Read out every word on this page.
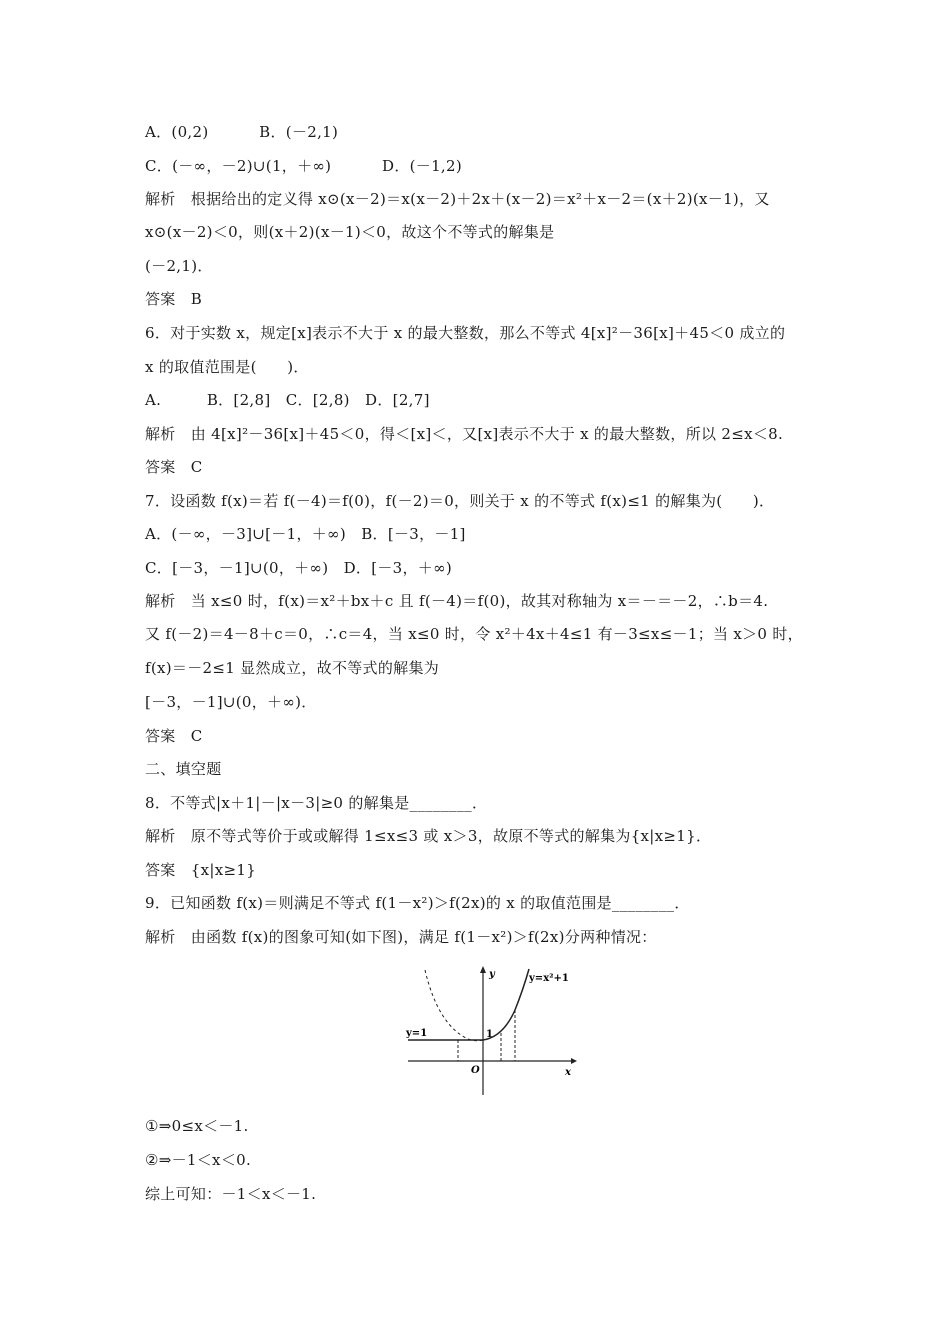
A．(0,2)          B．(－2,1)
C．(－∞，－2)∪(1，＋∞)          D．(－1,2)
解析   根据给出的定义得 x⊙(x－2)＝x(x－2)＋2x＋(x－2)＝x²＋x－2＝(x＋2)(x－1)，又
x⊙(x－2)＜0，则(x＋2)(x－1)＜0，故这个不等式的解集是
(－2,1)．
答案   B
6．对于实数 x，规定[x]表示不大于 x 的最大整数，那么不等式 4[x]²－36[x]＋45＜0 成立的
x 的取值范围是(      )．
A.         B．[2,8]   C．[2,8)   D．[2,7]
解析   由 4[x]²－36[x]＋45＜0，得＜[x]＜，又[x]表示不大于 x 的最大整数，所以 2≤x＜8.
答案   C
7．设函数 f(x)＝若 f(－4)＝f(0)，f(－2)＝0，则关于 x 的不等式 f(x)≤1 的解集为(      )．
A．(－∞，－3]∪[－1，＋∞)   B．[－3，－1]
C．[－3，－1]∪(0，＋∞)   D．[－3，＋∞)
解析   当 x≤0 时，f(x)＝x²＋bx＋c 且 f(－4)＝f(0)，故其对称轴为 x＝－＝－2，∴b＝4.
又 f(－2)＝4－8＋c＝0，∴c＝4，当 x≤0 时，令 x²＋4x＋4≤1 有－3≤x≤－1；当 x＞0 时，
f(x)＝－2≤1 显然成立，故不等式的解集为
[－3，－1]∪(0，＋∞)．
答案   C
二、填空题
8．不等式|x＋1|－|x－3|≥0 的解集是________．
解析   原不等式等价于或或解得 1≤x≤3 或 x＞3，故原不等式的解集为{x|x≥1}．
答案   {x|x≥1}
9．已知函数 f(x)＝则满足不等式 f(1－x²)＞f(2x)的 x 的取值范围是________．
解析   由函数 f(x)的图象可知(如下图)，满足 f(1－x²)＞f(2x)分两种情况：
y
x
O
y=x²+1
y=1	1
①⇒0≤x＜－1.
②⇒－1＜x＜0.
综上可知：－1＜x＜－1.
